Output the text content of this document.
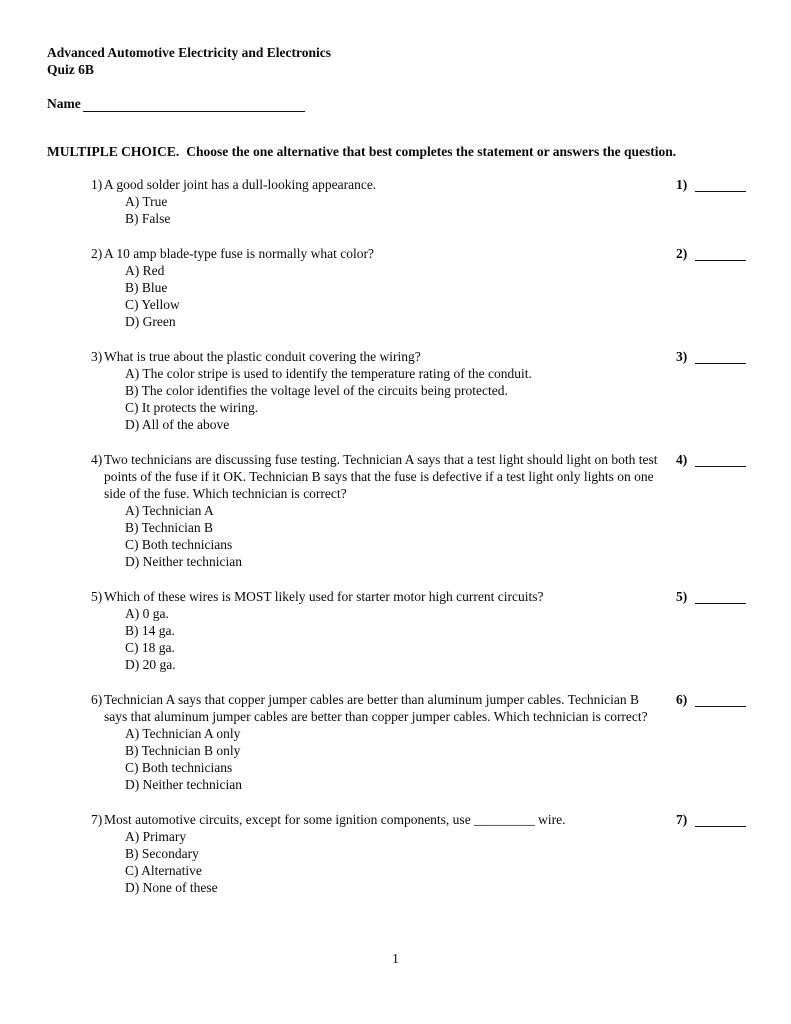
Advanced Automotive Electricity and Electronics
Quiz 6B
Name
MULTIPLE CHOICE. Choose the one alternative that best completes the statement or answers the question.
1) A good solder joint has a dull-looking appearance.
A) True
B) False
1)
2) A 10 amp blade-type fuse is normally what color?
A) Red
B) Blue
C) Yellow
D) Green
2)
3) What is true about the plastic conduit covering the wiring?
A) The color stripe is used to identify the temperature rating of the conduit.
B) The color identifies the voltage level of the circuits being protected.
C) It protects the wiring.
D) All of the above
3)
4) Two technicians are discussing fuse testing. Technician A says that a test light should light on both test points of the fuse if it OK. Technician B says that the fuse is defective if a test light only lights on one side of the fuse. Which technician is correct?
A) Technician A
B) Technician B
C) Both technicians
D) Neither technician
4)
5) Which of these wires is MOST likely used for starter motor high current circuits?
A) 0 ga.
B) 14 ga.
C) 18 ga.
D) 20 ga.
5)
6) Technician A says that copper jumper cables are better than aluminum jumper cables. Technician B says that aluminum jumper cables are better than copper jumper cables. Which technician is correct?
A) Technician A only
B) Technician B only
C) Both technicians
D) Neither technician
6)
7) Most automotive circuits, except for some ignition components, use _________ wire.
A) Primary
B) Secondary
C) Alternative
D) None of these
7)
1
